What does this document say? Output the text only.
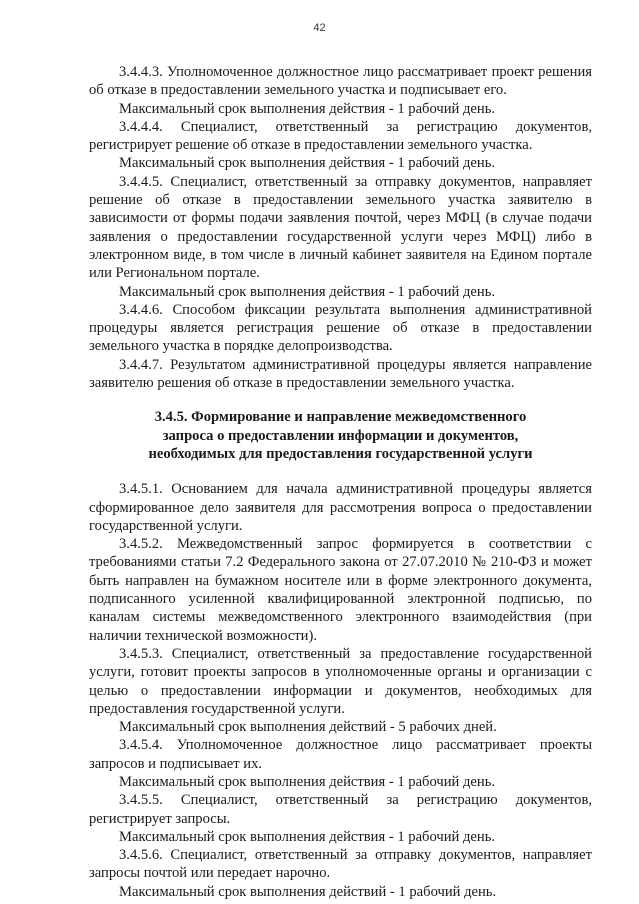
42

3.4.4.3. Уполномоченное должностное лицо рассматривает проект решения об отказе в предоставлении земельного участка и подписывает его.

Максимальный срок выполнения действия - 1 рабочий день.

3.4.4.4. Специалист, ответственный за регистрацию документов, регистрирует решение об отказе в предоставлении земельного участка.

Максимальный срок выполнения действия - 1 рабочий день.

3.4.4.5. Специалист, ответственный за отправку документов, направляет решение об отказе в предоставлении земельного участка заявителю в зависимости от формы подачи заявления почтой, через МФЦ (в случае подачи заявления о предоставлении государственной услуги через МФЦ) либо в электронном виде, в том числе в личный кабинет заявителя на Едином портале или Региональном портале.

Максимальный срок выполнения действия - 1 рабочий день.

3.4.4.6. Способом фиксации результата выполнения административной процедуры является регистрация решение об отказе в предоставлении земельного участка в порядке делопроизводства.

3.4.4.7. Результатом административной процедуры является направление заявителю решения об отказе в предоставлении земельного участка.

3.4.5. Формирование и направление межведомственного
запроса о предоставлении информации и документов,
необходимых для предоставления государственной услуги

3.4.5.1. Основанием для начала административной процедуры является сформированное дело заявителя для рассмотрения вопроса о предоставлении государственной услуги.

3.4.5.2. Межведомственный запрос формируется в соответствии с требованиями статьи 7.2 Федерального закона от 27.07.2010 № 210-ФЗ и может быть направлен на бумажном носителе или в форме электронного документа, подписанного усиленной квалифицированной электронной подписью, по каналам системы межведомственного электронного взаимодействия (при наличии технической возможности).

3.4.5.3. Специалист, ответственный за предоставление государственной услуги, готовит проекты запросов в уполномоченные органы и организации с целью о предоставлении информации и документов, необходимых для предоставления государственной услуги.

Максимальный срок выполнения действий - 5 рабочих дней.

3.4.5.4. Уполномоченное должностное лицо рассматривает проекты запросов и подписывает их.

Максимальный срок выполнения действия - 1 рабочий день.

3.4.5.5. Специалист, ответственный за регистрацию документов, регистрирует запросы.

Максимальный срок выполнения действия - 1 рабочий день.

3.4.5.6. Специалист, ответственный за отправку документов, направляет запросы почтой или передает нарочно.

Максимальный срок выполнения действий - 1 рабочий день.
